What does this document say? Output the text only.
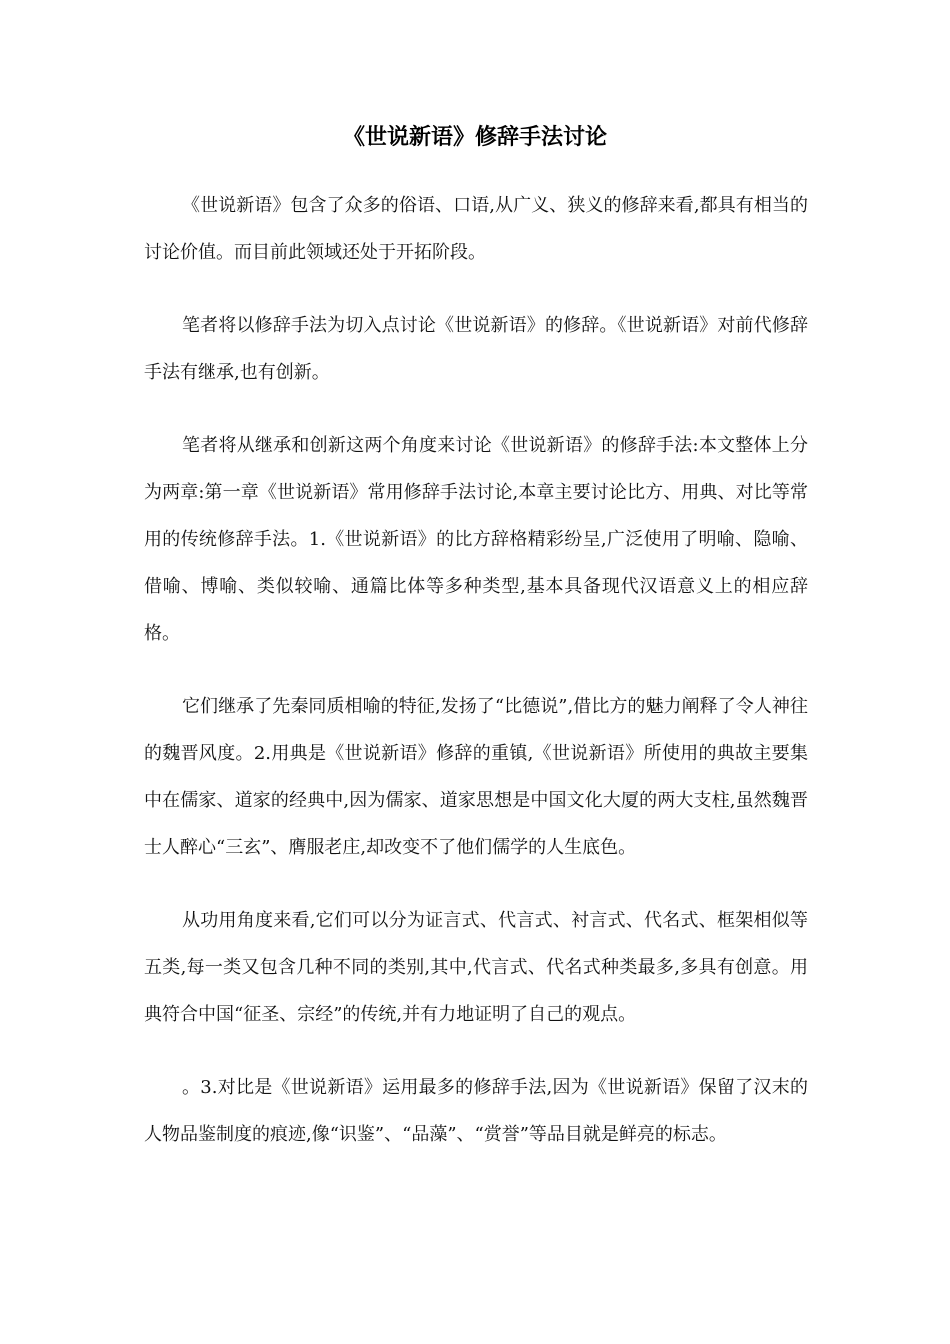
《世说新语》修辞手法讨论

《世说新语》包含了众多的俗语、口语,从广义、狭义的修辞来看,都具有相当的讨论价值。而目前此领域还处于开拓阶段。

笔者将以修辞手法为切入点讨论《世说新语》的修辞。《世说新语》对前代修辞手法有继承,也有创新。

笔者将从继承和创新这两个角度来讨论《世说新语》的修辞手法:本文整体上分为两章:第一章《世说新语》常用修辞手法讨论,本章主要讨论比方、用典、对比等常用的传统修辞手法。1.《世说新语》的比方辞格精彩纷呈,广泛使用了明喻、隐喻、借喻、博喻、类似较喻、通篇比体等多种类型,基本具备现代汉语意义上的相应辞格。

它们继承了先秦同质相喻的特征,发扬了“比德说”,借比方的魅力阐释了令人神往的魏晋风度。2.用典是《世说新语》修辞的重镇,《世说新语》所使用的典故主要集中在儒家、道家的经典中,因为儒家、道家思想是中国文化大厦的两大支柱,虽然魏晋士人醉心“三玄”、膺服老庄,却改变不了他们儒学的人生底色。

从功用角度来看,它们可以分为证言式、代言式、衬言式、代名式、框架相似等五类,每一类又包含几种不同的类别,其中,代言式、代名式种类最多,多具有创意。用典符合中国“征圣、宗经”的传统,并有力地证明了自己的观点。

。3.对比是《世说新语》运用最多的修辞手法,因为《世说新语》保留了汉末的人物品鉴制度的痕迹,像“识鉴”、“品藻”、“赏誉”等品目就是鲜亮的标志。
